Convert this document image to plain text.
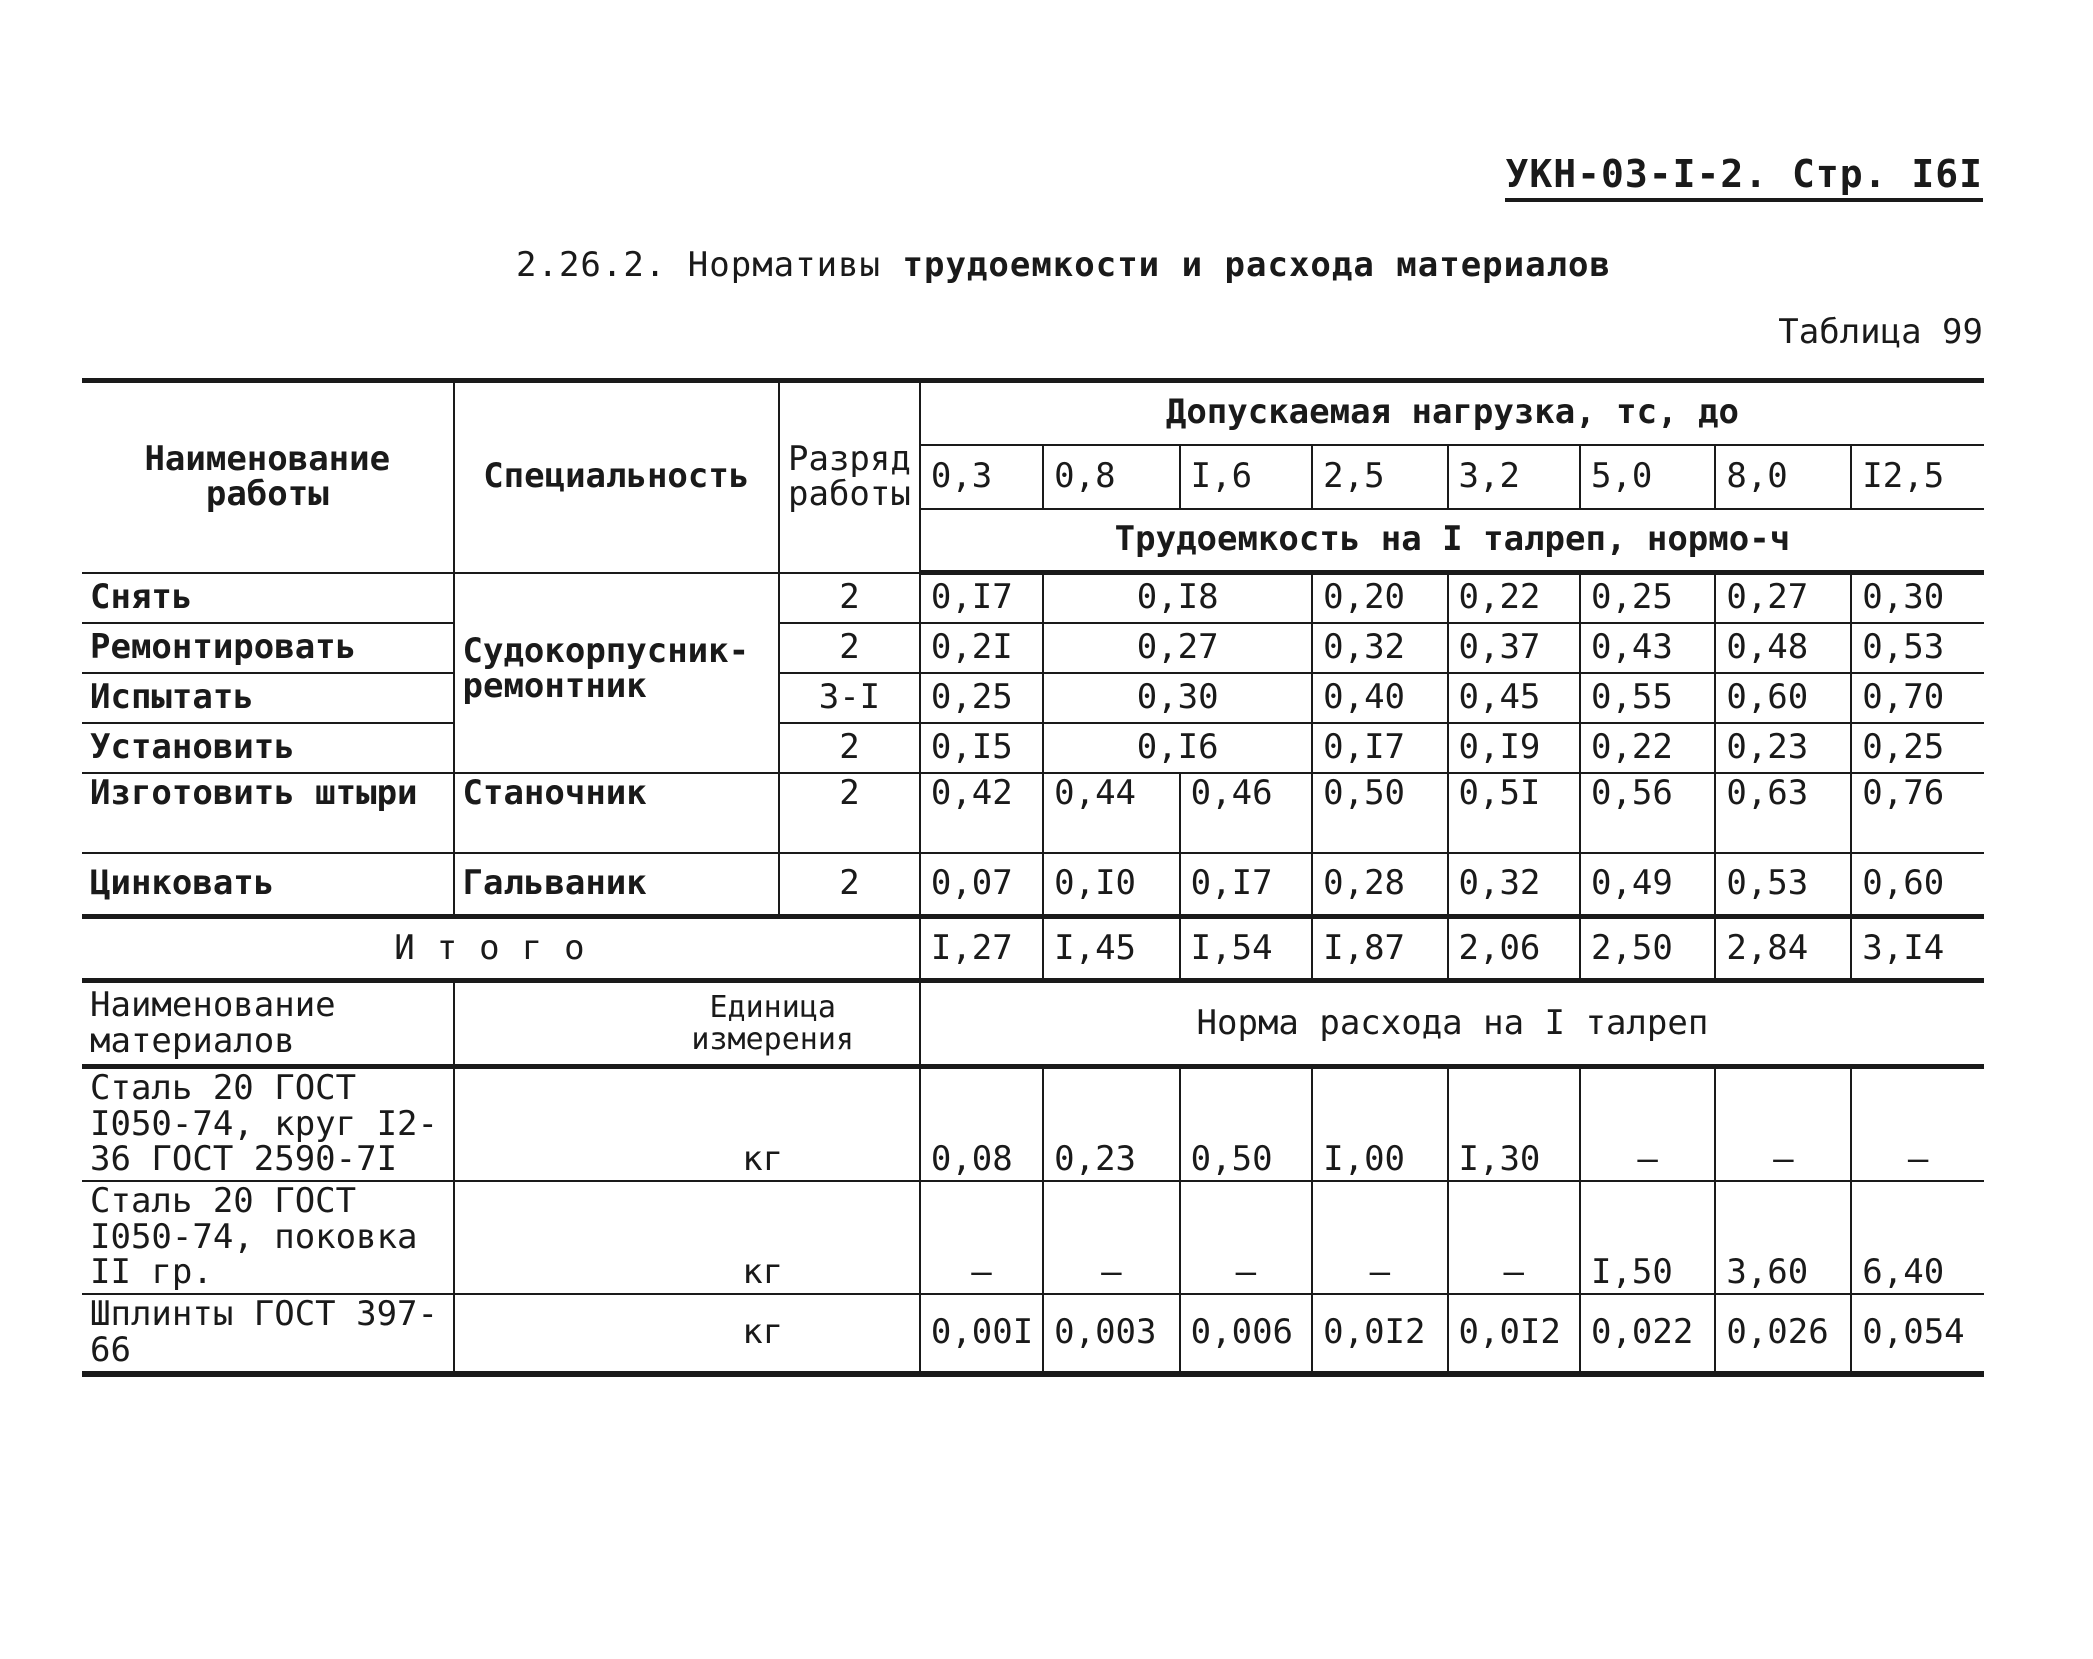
УКН-03-I-2. Стр. I6I
2.26.2. Нормативы трудоемкости и расхода материалов
Таблица 99
Наименование работы	Специальность	Разряд работы	Допускаемая нагрузка, тс, до							
			0,3	0,8	I,6	2,5	3,2	5,0	8,0	I2,5
			Трудоемкость на I талреп, нормо-ч							
Снять	Судокорпусник-ремонтник	2	0,I7	0,I8		0,20	0,22	0,25	0,27	0,30
Ремонтировать		2	0,2I	0,27		0,32	0,37	0,43	0,48	0,53
Испытать		3-I	0,25	0,30		0,40	0,45	0,55	0,60	0,70
Установить		2	0,I5	0,I6		0,I7	0,I9	0,22	0,23	0,25
Изготовить штыри	Станочник	2	0,42	0,44	0,46	0,50	0,5I	0,56	0,63	0,76
Цинковать	Гальваник	2	0,07	0,I0	0,I7	0,28	0,32	0,49	0,53	0,60
Итого			I,27	I,45	I,54	I,87	2,06	2,50	2,84	3,I4
Наименование материалов	Единица измерения		Норма расхода на I талреп							
Сталь 20 ГОСТ I050-74, круг I2-36 ГОСТ 2590-7I	кг		0,08	0,23	0,50	I,00	I,30	–	–	–
Сталь 20 ГОСТ I050-74, поковка II гр.	кг		–	–	–	–	–	I,50	3,60	6,40
Шплинты ГОСТ 397-66	кг		0,00I	0,003	0,006	0,0I2	0,0I2	0,022	0,026	0,054
